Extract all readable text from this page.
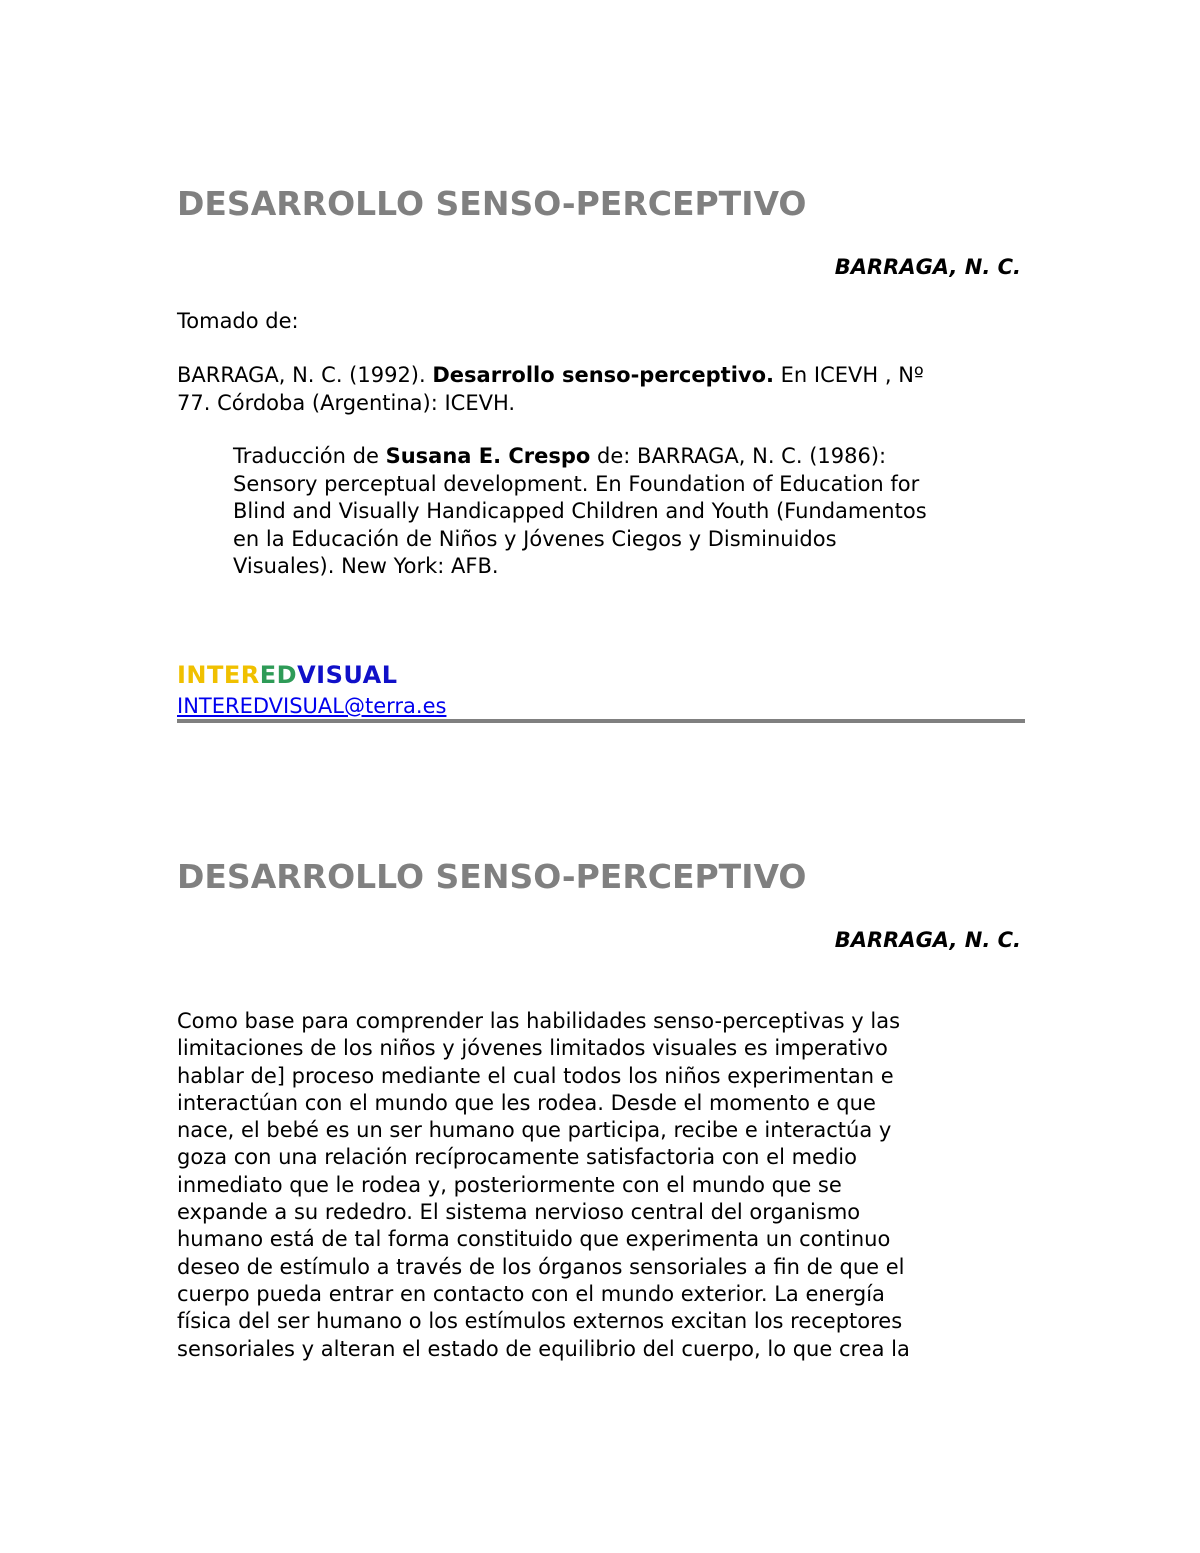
DESARROLLO SENSO-PERCEPTIVO
BARRAGA, N. C.
Tomado de:
BARRAGA, N. C. (1992). Desarrollo senso-perceptivo. En ICEVH , Nº
77. Córdoba (Argentina): ICEVH.
Traducción de Susana E. Crespo de: BARRAGA, N. C. (1986):
Sensory perceptual development. En Foundation of Education for
Blind and Visually Handicapped Children and Youth (Fundamentos
en la Educación de Niños y Jóvenes Ciegos y Disminuidos
Visuales). New York: AFB.
INTEREDVISUAL
INTEREDVISUAL@terra.es
DESARROLLO SENSO-PERCEPTIVO
BARRAGA, N. C.
Como base para comprender las habilidades senso-perceptivas y las
limitaciones de los niños y jóvenes limitados visuales es imperativo
hablar de] proceso mediante el cual todos los niños experimentan e
interactúan con el mundo que les rodea. Desde el momento e que
nace, el bebé es un ser humano que participa, recibe e interactúa y
goza con una relación recíprocamente satisfactoria con el medio
inmediato que le rodea y, posteriormente con el mundo que se
expande a su rededro. El sistema nervioso central del organismo
humano está de tal forma constituido que experimenta un continuo
deseo de estímulo a través de los órganos sensoriales a fin de que el
cuerpo pueda entrar en contacto con el mundo exterior. La energía
física del ser humano o los estímulos externos excitan los receptores
sensoriales y alteran el estado de equilibrio del cuerpo, lo que crea la
